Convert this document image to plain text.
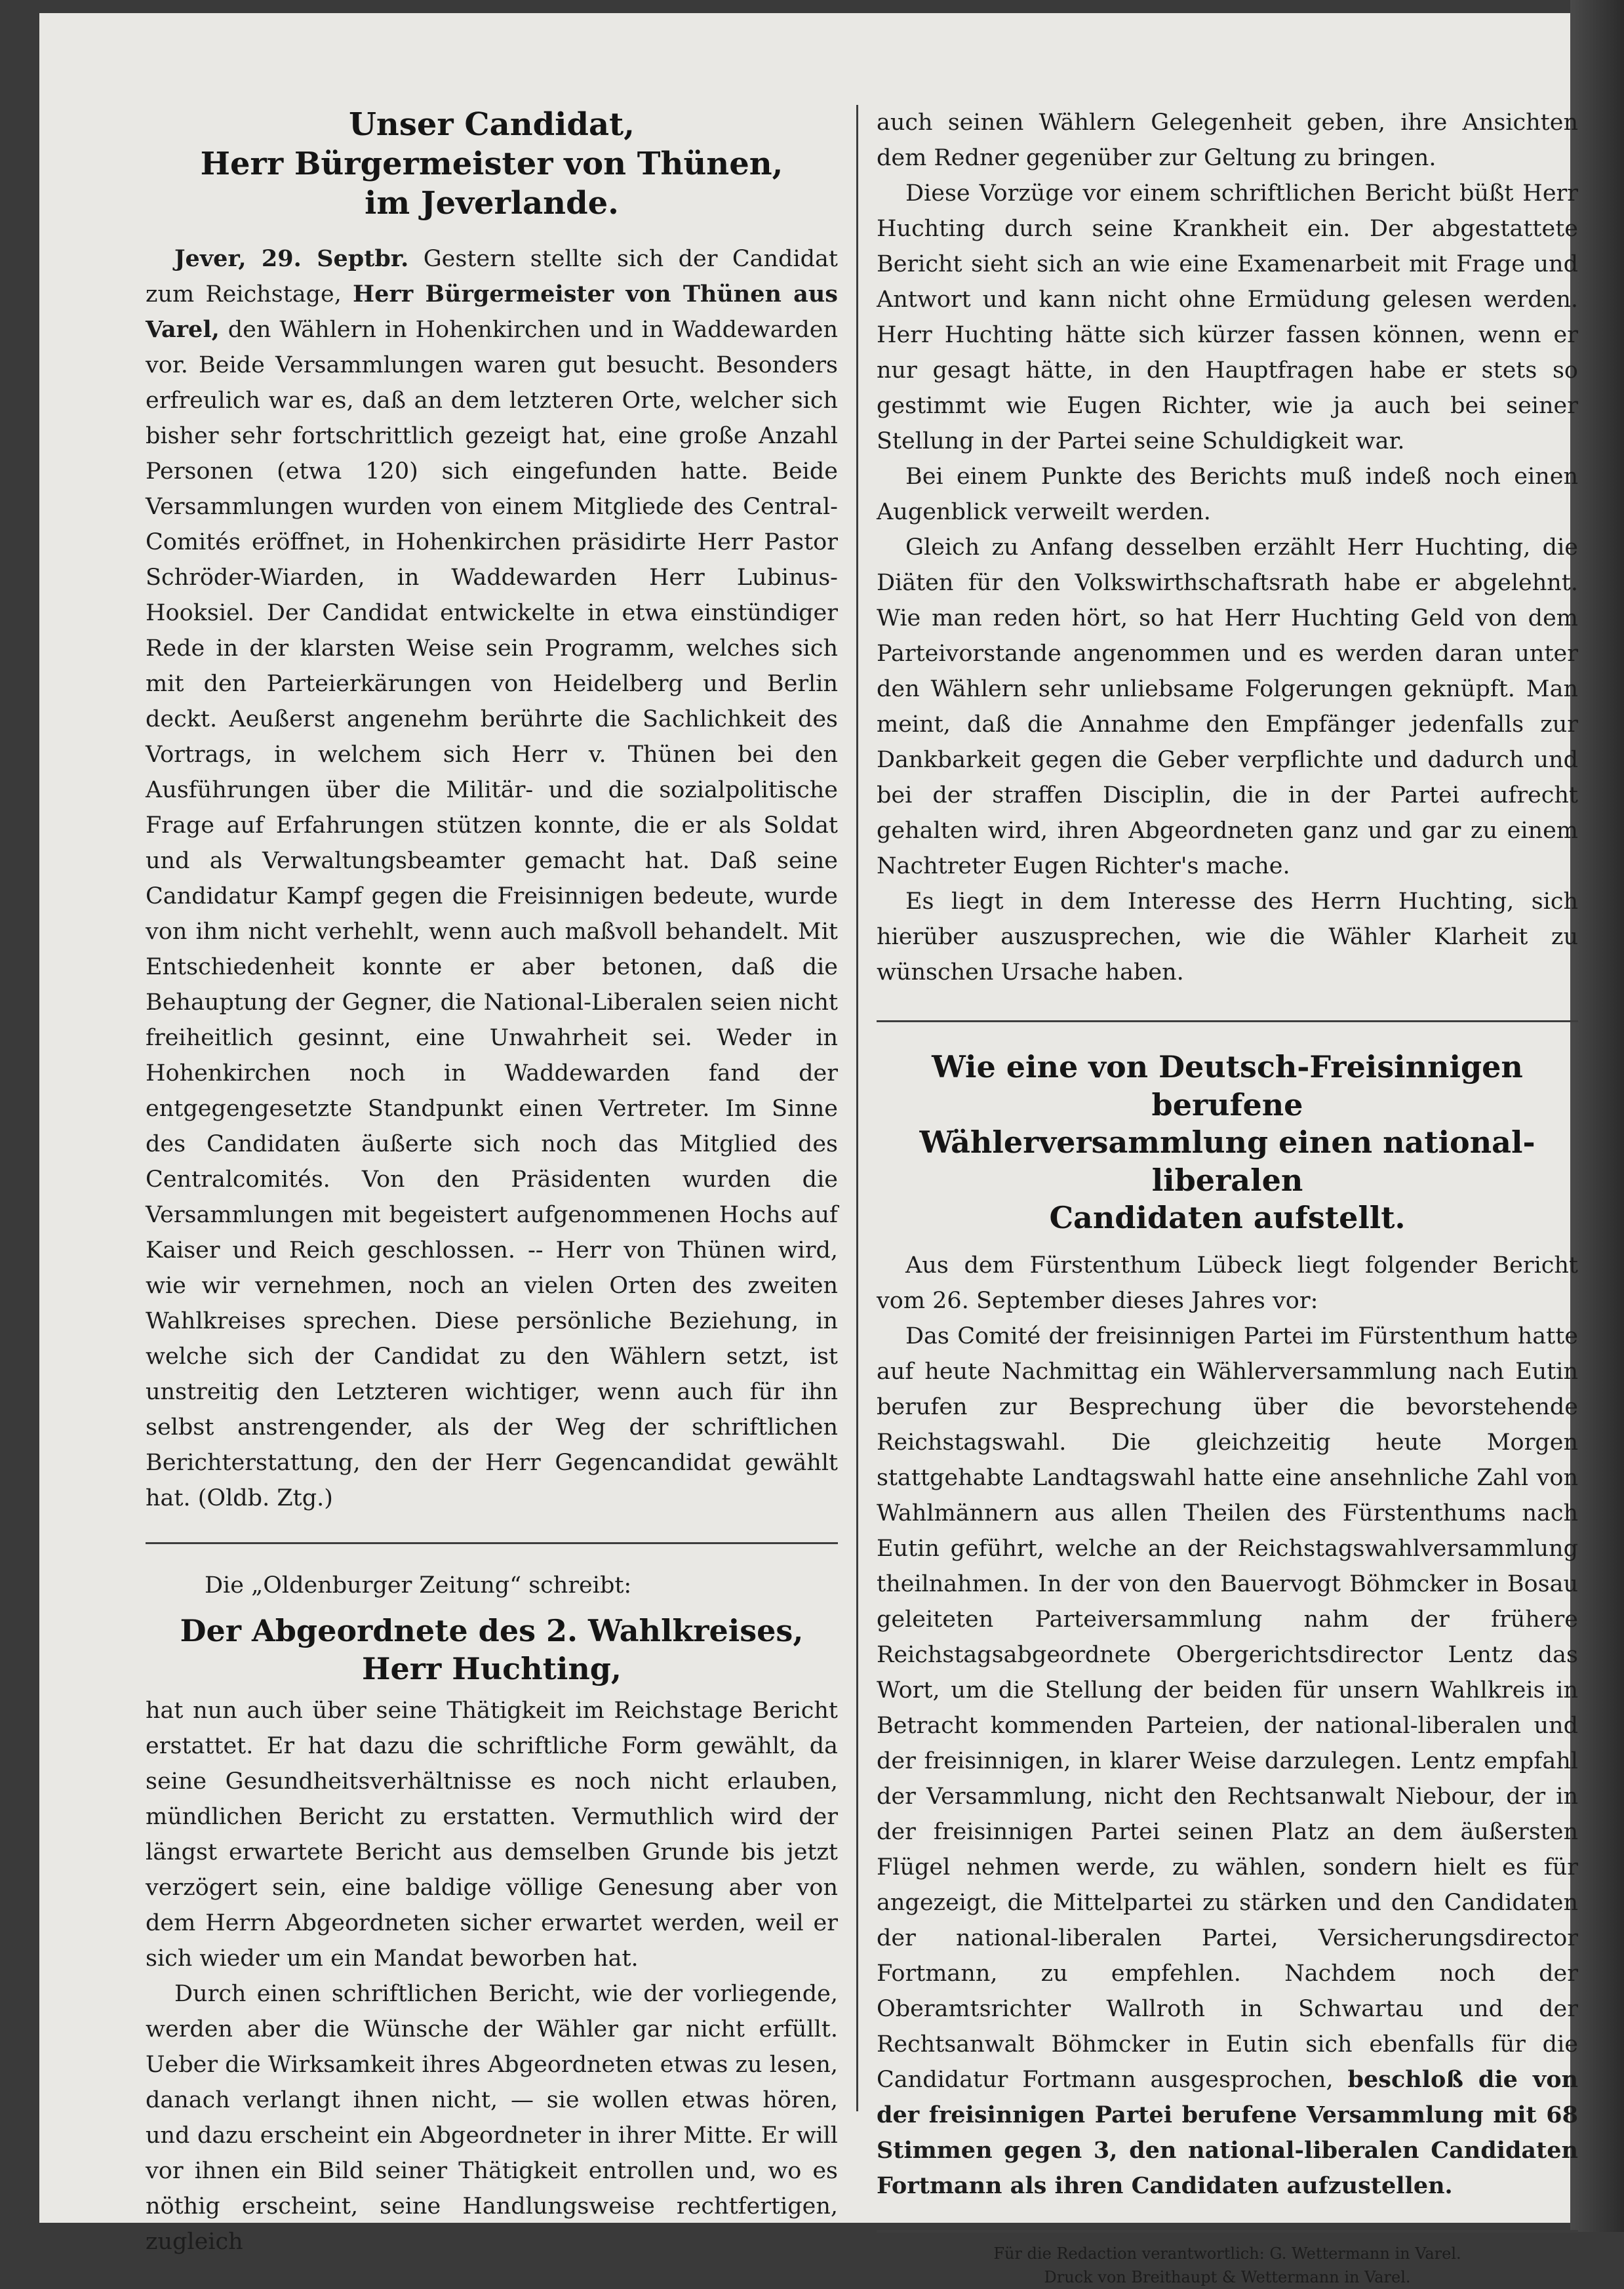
Unser Candidat,
Herr Bürgermeister von Thünen,
im Jeverlande.

Jever, 29. Septbr. Gestern stellte sich der Candidat zum Reichstage, Herr Bürgermeister von Thünen aus Varel, den Wählern in Hohenkirchen und in Waddewarden vor. Beide Versammlungen waren gut besucht. Besonders erfreulich war es, daß an dem letzteren Orte, welcher sich bisher sehr fortschrittlich gezeigt hat, eine große Anzahl Personen (etwa 120) sich eingefunden hatte. Beide Versammlungen wurden von einem Mitgliede des Central-Comités eröffnet, in Hohenkirchen präsidirte Herr Pastor Schröder-Wiarden, in Waddewarden Herr Lubinus-Hooksiel. Der Candidat entwickelte in etwa einstündiger Rede in der klarsten Weise sein Programm, welches sich mit den Parteierkärungen von Heidelberg und Berlin deckt. Aeußerst angenehm berührte die Sachlichkeit des Vortrags, in welchem sich Herr v. Thünen bei den Ausführungen über die Militär- und die sozialpolitische Frage auf Erfahrungen stützen konnte, die er als Soldat und als Verwaltungsbeamter gemacht hat. Daß seine Candidatur Kampf gegen die Freisinnigen bedeute, wurde von ihm nicht verhehlt, wenn auch maßvoll behandelt. Mit Entschiedenheit konnte er aber betonen, daß die Behauptung der Gegner, die National-Liberalen seien nicht freiheitlich gesinnt, eine Unwahrheit sei. Weder in Hohenkirchen noch in Waddewarden fand der entgegengesetzte Standpunkt einen Vertreter. Im Sinne des Candidaten äußerte sich noch das Mitglied des Centralcomités. Von den Präsidenten wurden die Versammlungen mit begeistert aufgenommenen Hochs auf Kaiser und Reich geschlossen. -- Herr von Thünen wird, wie wir vernehmen, noch an vielen Orten des zweiten Wahlkreises sprechen. Diese persönliche Beziehung, in welche sich der Candidat zu den Wählern setzt, ist unstreitig den Letzteren wichtiger, wenn auch für ihn selbst anstrengender, als der Weg der schriftlichen Berichterstattung, den der Herr Gegencandidat gewählt hat. (Oldb. Ztg.)

Die „Oldenburger Zeitung“ schreibt:
Der Abgeordnete des 2. Wahlkreises,
Herr Huchting,

hat nun auch über seine Thätigkeit im Reichstage Bericht erstattet. Er hat dazu die schriftliche Form gewählt, da seine Gesundheitsverhältnisse es noch nicht erlauben, mündlichen Bericht zu erstatten. Vermuthlich wird der längst erwartete Bericht aus demselben Grunde bis jetzt verzögert sein, eine baldige völlige Genesung aber von dem Herrn Abgeordneten sicher erwartet werden, weil er sich wieder um ein Mandat beworben hat.

Durch einen schriftlichen Bericht, wie der vorliegende, werden aber die Wünsche der Wähler gar nicht erfüllt. Ueber die Wirksamkeit ihres Abgeordneten etwas zu lesen, danach verlangt ihnen nicht, — sie wollen etwas hören, und dazu erscheint ein Abgeordneter in ihrer Mitte. Er will vor ihnen ein Bild seiner Thätigkeit entrollen und, wo es nöthig erscheint, seine Handlungsweise rechtfertigen, zugleich

auch seinen Wählern Gelegenheit geben, ihre Ansichten dem Redner gegenüber zur Geltung zu bringen.

Diese Vorzüge vor einem schriftlichen Bericht büßt Herr Huchting durch seine Krankheit ein. Der abgestattete Bericht sieht sich an wie eine Examenarbeit mit Frage und Antwort und kann nicht ohne Ermüdung gelesen werden. Herr Huchting hätte sich kürzer fassen können, wenn er nur gesagt hätte, in den Hauptfragen habe er stets so gestimmt wie Eugen Richter, wie ja auch bei seiner Stellung in der Partei seine Schuldigkeit war.

Bei einem Punkte des Berichts muß indeß noch einen Augenblick verweilt werden.

Gleich zu Anfang desselben erzählt Herr Huchting, die Diäten für den Volkswirthschaftsrath habe er abgelehnt. Wie man reden hört, so hat Herr Huchting Geld von dem Parteivorstande angenommen und es werden daran unter den Wählern sehr unliebsame Folgerungen geknüpft. Man meint, daß die Annahme den Empfänger jedenfalls zur Dankbarkeit gegen die Geber verpflichte und dadurch und bei der straffen Disciplin, die in der Partei aufrecht gehalten wird, ihren Abgeordneten ganz und gar zu einem Nachtreter Eugen Richter's mache.

Es liegt in dem Interesse des Herrn Huchting, sich hierüber auszusprechen, wie die Wähler Klarheit zu wünschen Ursache haben.

Wie eine von Deutsch-Freisinnigen berufene
Wählerversammlung einen national-liberalen
Candidaten aufstellt.

Aus dem Fürstenthum Lübeck liegt folgender Bericht vom 26. September dieses Jahres vor:

Das Comité der freisinnigen Partei im Fürstenthum hatte auf heute Nachmittag ein Wählerversammlung nach Eutin berufen zur Besprechung über die bevorstehende Reichstagswahl. Die gleichzeitig heute Morgen stattgehabte Landtagswahl hatte eine ansehnliche Zahl von Wahlmännern aus allen Theilen des Fürstenthums nach Eutin geführt, welche an der Reichstagswahlversammlung theilnahmen. In der von den Bauervogt Böhmcker in Bosau geleiteten Parteiversammlung nahm der frühere Reichstagsabgeordnete Obergerichtsdirector Lentz das Wort, um die Stellung der beiden für unsern Wahlkreis in Betracht kommenden Parteien, der national-liberalen und der freisinnigen, in klarer Weise darzulegen. Lentz empfahl der Versammlung, nicht den Rechtsanwalt Niebour, der in der freisinnigen Partei seinen Platz an dem äußersten Flügel nehmen werde, zu wählen, sondern hielt es für angezeigt, die Mittelpartei zu stärken und den Candidaten der national-liberalen Partei, Versicherungsdirector Fortmann, zu empfehlen. Nachdem noch der Oberamtsrichter Wallroth in Schwartau und der Rechtsanwalt Böhmcker in Eutin sich ebenfalls für die Candidatur Fortmann ausgesprochen, beschloß die von der freisinnigen Partei berufene Versammlung mit 68 Stimmen gegen 3, den national-liberalen Candidaten Fortmann als ihren Candidaten aufzustellen.

Für die Redaction verantwortlich: G. Wettermann in Varel.
Druck von Breithaupt & Wettermann in Varel.
